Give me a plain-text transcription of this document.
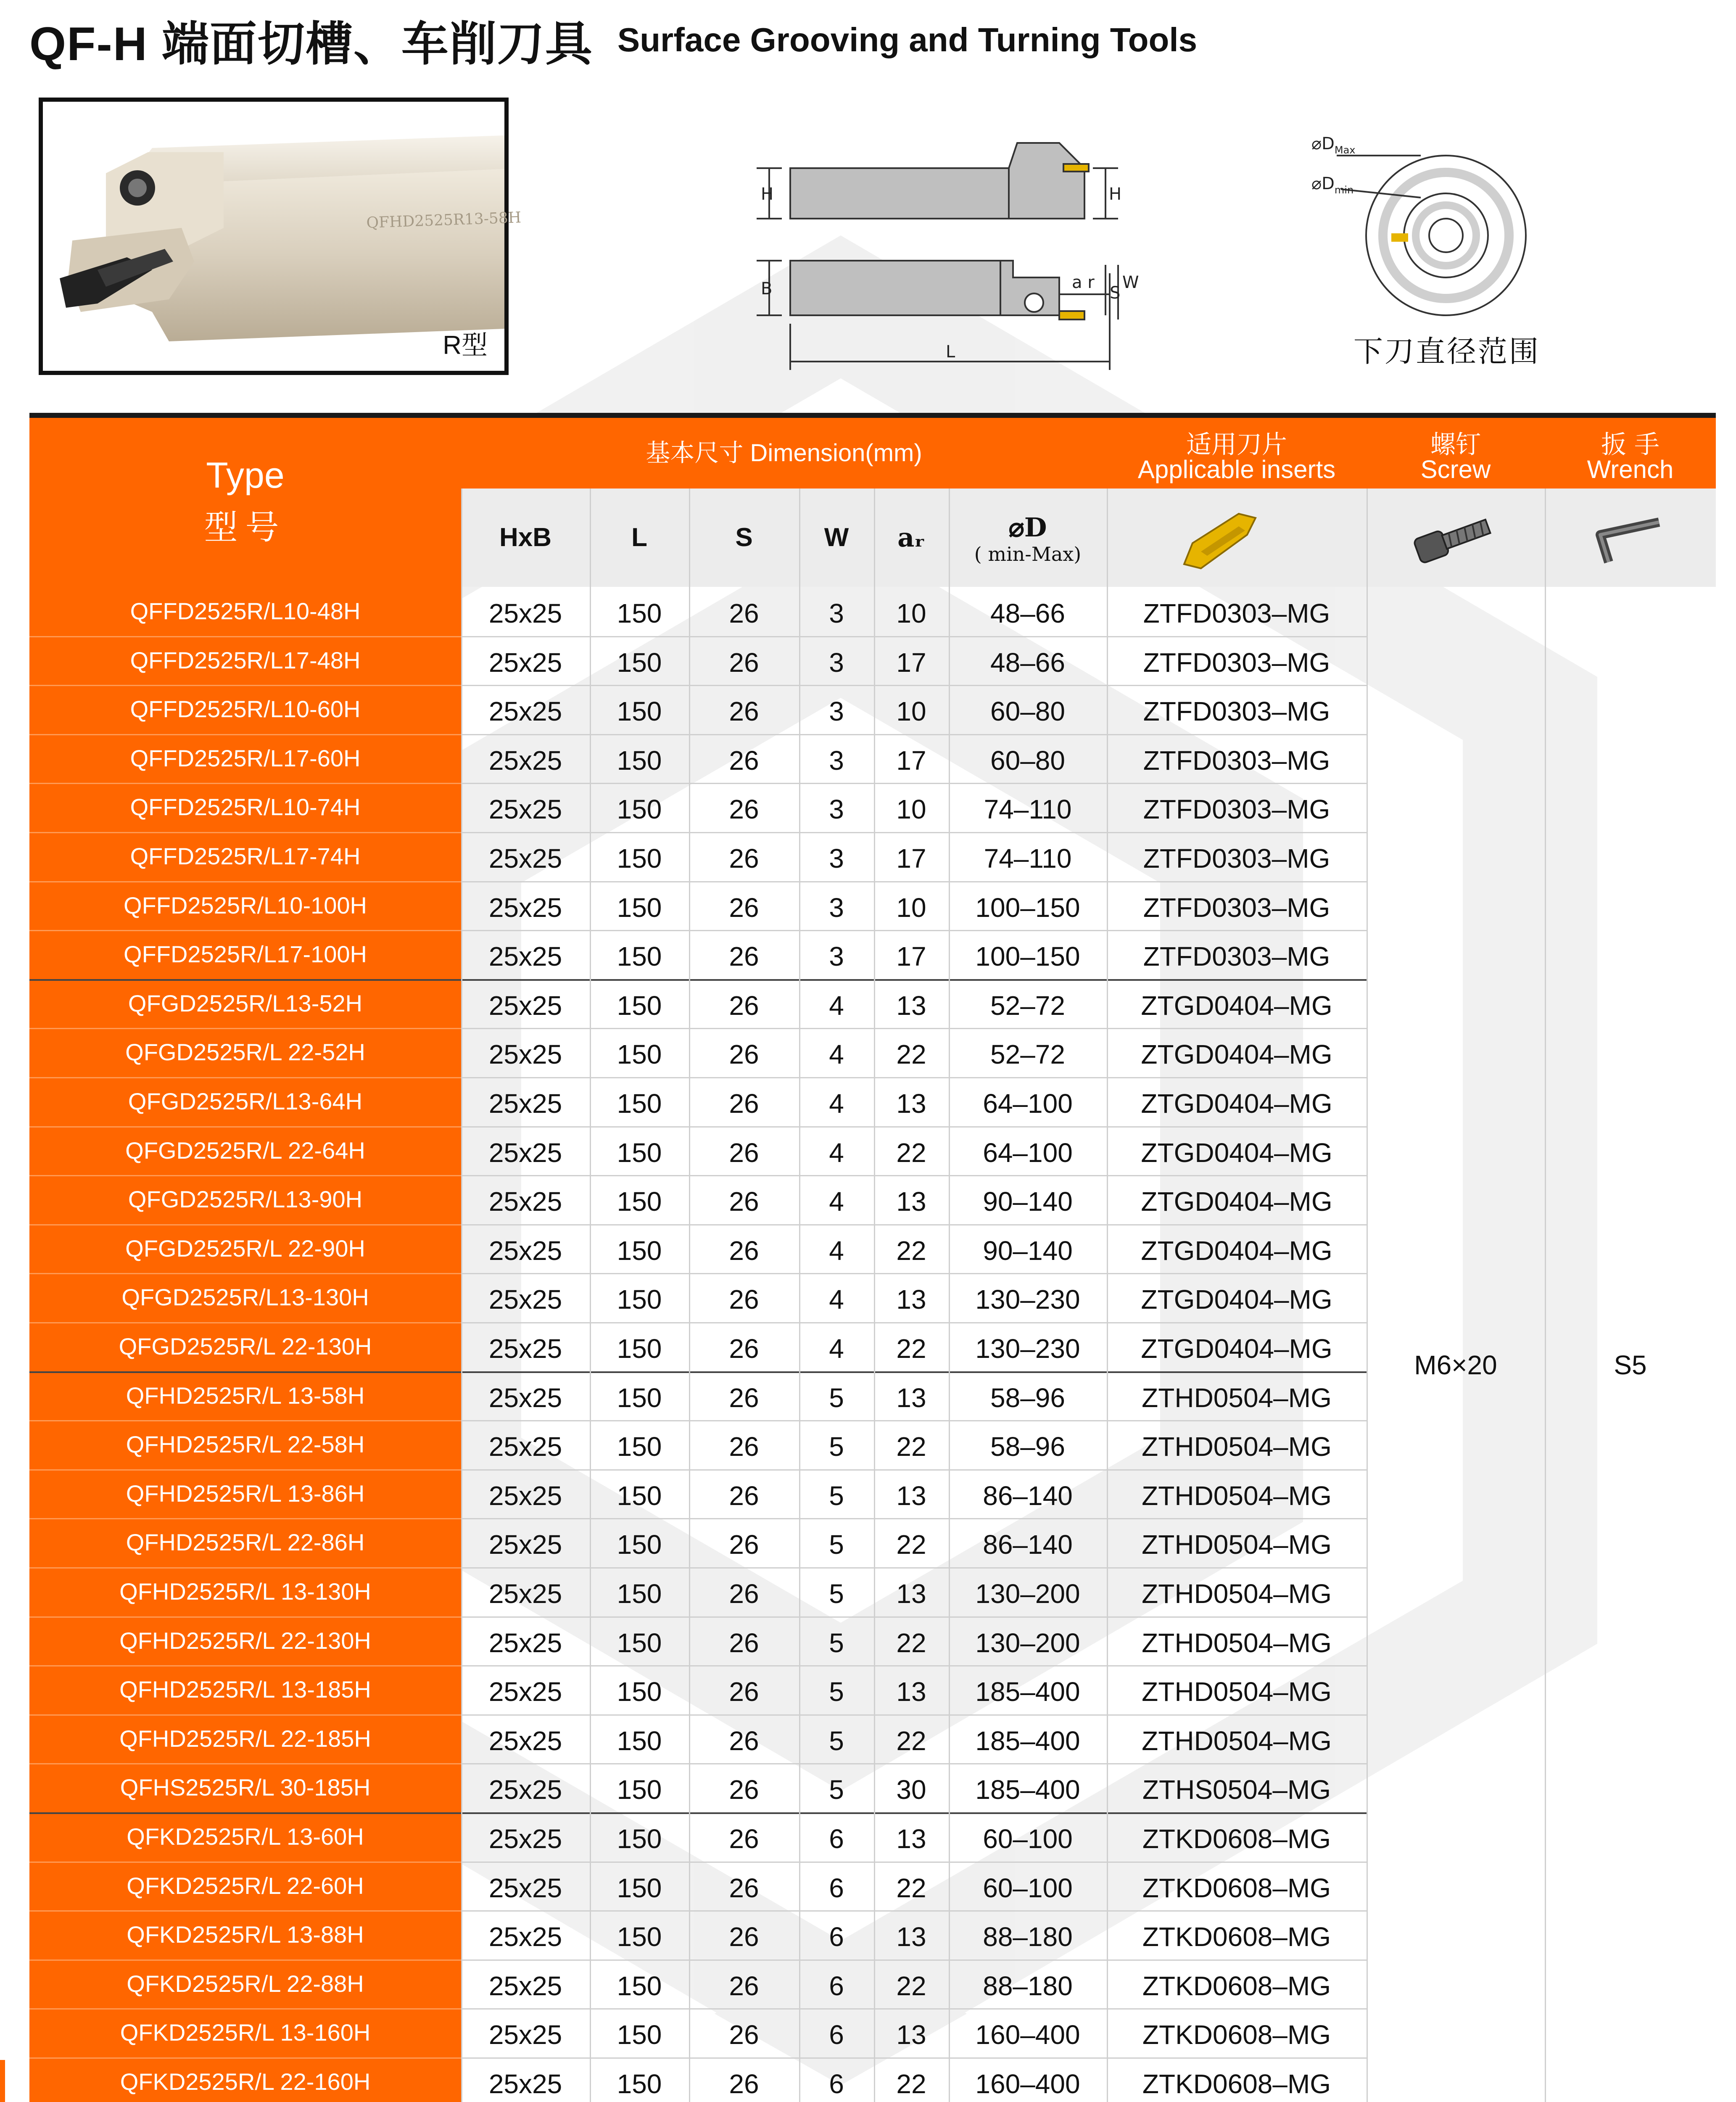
QF-H 端面切槽、车削刀具 Surface Grooving and Turning Tools
QFHD2525R13-58H
R型
H	H
B
L
S
W
a r
$⌀D_{Max}$
$⌀D_{min}$
下刀直径范围
Type
型号
基本尺寸 Dimension(mm)	适用刀片
Applicable inserts
螺钉
Screw
扳 手
Wrench
HxB	L	S	W	aᵣ	⌀D
( min-Max)
QFFD2525R/L10-48H	25x25	150	26	3	10	48–66	ZTFD0303–MG
QFFD2525R/L17-48H	25x25	150	26	3	17	48–66	ZTFD0303–MG
QFFD2525R/L10-60H	25x25	150	26	3	10	60–80	ZTFD0303–MG
QFFD2525R/L17-60H	25x25	150	26	3	17	60–80	ZTFD0303–MG
QFFD2525R/L10-74H	25x25	150	26	3	10	74–110	ZTFD0303–MG
QFFD2525R/L17-74H	25x25	150	26	3	17	74–110	ZTFD0303–MG
QFFD2525R/L10-100H	25x25	150	26	3	10	100–150	ZTFD0303–MG
QFFD2525R/L17-100H	25x25	150	26	3	17	100–150	ZTFD0303–MG
QFGD2525R/L13-52H	25x25	150	26	4	13	52–72	ZTGD0404–MG
QFGD2525R/L 22-52H	25x25	150	26	4	22	52–72	ZTGD0404–MG
QFGD2525R/L13-64H	25x25	150	26	4	13	64–100	ZTGD0404–MG
QFGD2525R/L 22-64H	25x25	150	26	4	22	64–100	ZTGD0404–MG
QFGD2525R/L13-90H	25x25	150	26	4	13	90–140	ZTGD0404–MG
QFGD2525R/L 22-90H	25x25	150	26	4	22	90–140	ZTGD0404–MG
QFGD2525R/L13-130H	25x25	150	26	4	13	130–230	ZTGD0404–MG
QFGD2525R/L 22-130H	25x25	150	26	4	22	130–230	ZTGD0404–MG
QFHD2525R/L 13-58H	25x25	150	26	5	13	58–96	ZTHD0504–MG
QFHD2525R/L 22-58H	25x25	150	26	5	22	58–96	ZTHD0504–MG
QFHD2525R/L 13-86H	25x25	150	26	5	13	86–140	ZTHD0504–MG
QFHD2525R/L 22-86H	25x25	150	26	5	22	86–140	ZTHD0504–MG
QFHD2525R/L 13-130H	25x25	150	26	5	13	130–200	ZTHD0504–MG
QFHD2525R/L 22-130H	25x25	150	26	5	22	130–200	ZTHD0504–MG
QFHD2525R/L 13-185H	25x25	150	26	5	13	185–400	ZTHD0504–MG
QFHD2525R/L 22-185H	25x25	150	26	5	22	185–400	ZTHD0504–MG
QFHS2525R/L 30-185H	25x25	150	26	5	30	185–400	ZTHS0504–MG
QFKD2525R/L 13-60H	25x25	150	26	6	13	60–100	ZTKD0608–MG
QFKD2525R/L 22-60H	25x25	150	26	6	22	60–100	ZTKD0608–MG
QFKD2525R/L 13-88H	25x25	150	26	6	13	88–180	ZTKD0608–MG
QFKD2525R/L 22-88H	25x25	150	26	6	22	88–180	ZTKD0608–MG
QFKD2525R/L 13-160H	25x25	150	26	6	13	160–400	ZTKD0608–MG
QFKD2525R/L 22-160H	25x25	150	26	6	22	160–400	ZTKD0608–MG
M6×20	S5
